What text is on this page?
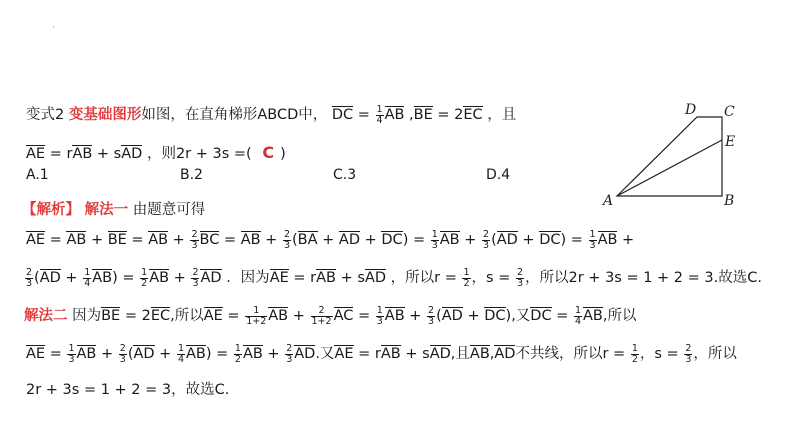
·
变式2 变基础图形如图，在直角梯形ABCD中， DC = $\frac{1}{4}$ AB ,BE = 2EC ，且
AE = rAB + sAD ，则2r + 3s =( C )
A.1	B.2	C.3	D.4
【解析】 解法一 由题意可得
AE = AB + BE = AB + $\frac{2}{3}$ BC = AB + $\frac{2}{3} (BA$ + AD + $DC) = \frac{1}{3}$ AB + $\frac{2}{3} (AD + DC) = \frac{1}{3}$ AB +
$\frac{2}{3} (AD + \frac{1}{4} AB) = \frac{1}{2}$ AB + $\frac{2}{3}$ AD ．因为AE = rAB + sAD ，所以$r = \frac{1}{2}$ ，$s = \frac{2}{3}$ ，所以2r + 3s = 1 + 2 = 3.故选C.
解法二 因为BE = 2EC,所以AE = $\frac{1}{1+2}$ AB + $\frac{2}{1+2}$ AC = $\frac{1}{3}$ AB + $\frac{2}{3} (AD + DC)$,又DC = $\frac{1}{4}$ AB,所以
AE = $\frac{1}{3}$ AB + $\frac{2}{3} (AD + \frac{1}{4} AB) = \frac{1}{2}$ AB + $\frac{2}{3}$ AD.又AE = rAB + sAD,且AB,AD不共线，所以$r = \frac{1}{2}$ ，$s = \frac{2}{3}$ ，所以
2r + 3s = 1 + 2 = 3，故选C.
A	B
C
D
E
